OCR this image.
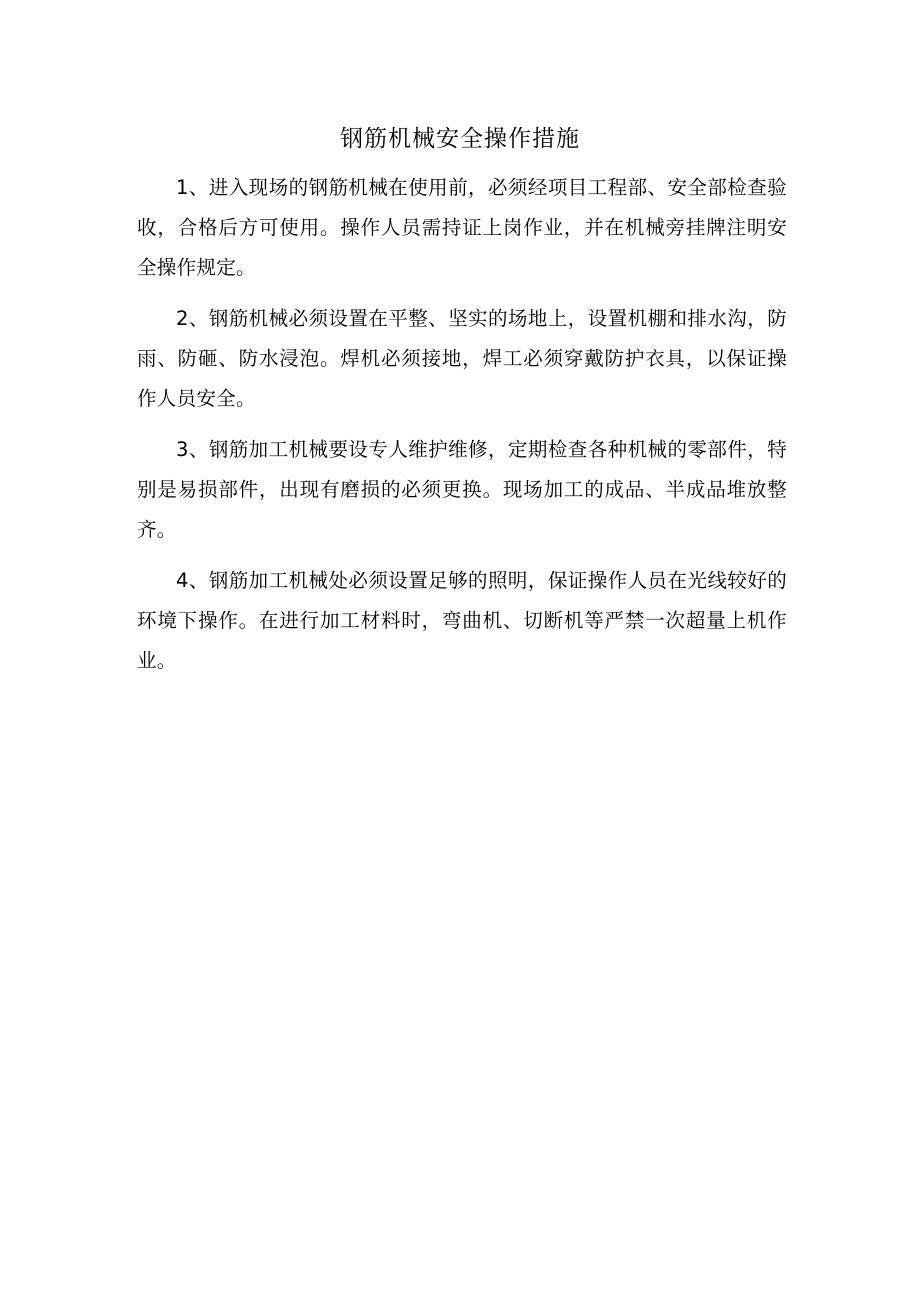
钢筋机械安全操作措施

1、进入现场的钢筋机械在使用前，必须经项目工程部、安全部检查验收，合格后方可使用。操作人员需持证上岗作业，并在机械旁挂牌注明安全操作规定。

2、钢筋机械必须设置在平整、坚实的场地上，设置机棚和排水沟，防雨、防砸、防水浸泡。焊机必须接地，焊工必须穿戴防护衣具，以保证操作人员安全。

3、钢筋加工机械要设专人维护维修，定期检查各种机械的零部件，特别是易损部件，出现有磨损的必须更换。现场加工的成品、半成品堆放整齐。

4、钢筋加工机械处必须设置足够的照明，保证操作人员在光线较好的环境下操作。在进行加工材料时，弯曲机、切断机等严禁一次超量上机作业。
